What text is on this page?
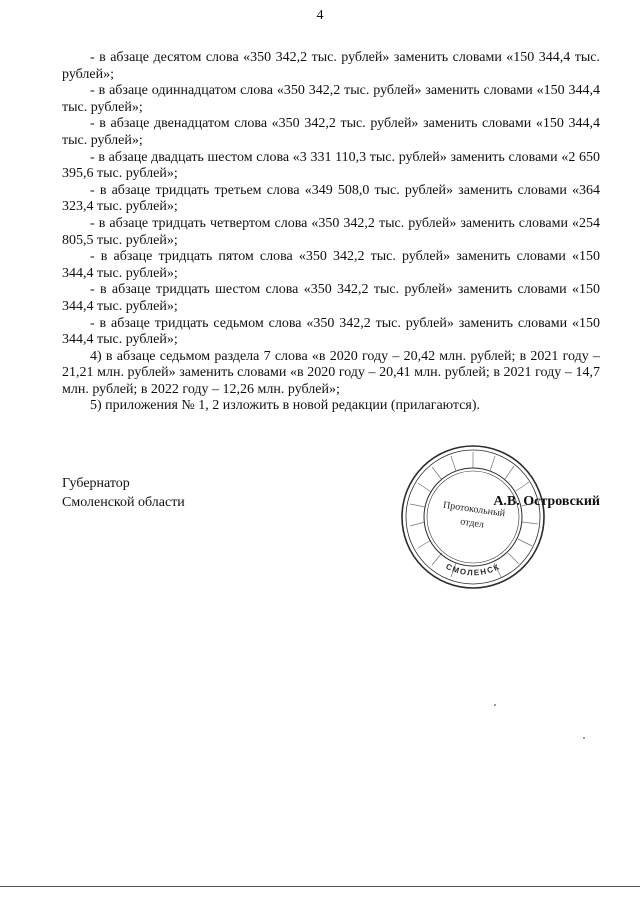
4

- в абзаце десятом слова «350 342,2 тыс. рублей» заменить словами «150 344,4 тыс. рублей»;

- в абзаце одиннадцатом слова «350 342,2 тыс. рублей» заменить словами «150 344,4 тыс. рублей»;

- в абзаце двенадцатом слова «350 342,2 тыс. рублей» заменить словами «150 344,4 тыс. рублей»;

- в абзаце двадцать шестом слова «3 331 110,3 тыс. рублей» заменить словами «2 650 395,6 тыс. рублей»;

- в абзаце тридцать третьем слова «349 508,0 тыс. рублей» заменить словами «364 323,4 тыс. рублей»;

- в абзаце тридцать четвертом слова «350 342,2 тыс. рублей» заменить словами «254 805,5 тыс. рублей»;

- в абзаце тридцать пятом слова «350 342,2 тыс. рублей» заменить словами «150 344,4 тыс. рублей»;

- в абзаце тридцать шестом слова «350 342,2 тыс. рублей» заменить словами «150 344,4 тыс. рублей»;

- в абзаце тридцать седьмом слова «350 342,2 тыс. рублей» заменить словами «150 344,4 тыс. рублей»;

4) в абзаце седьмом раздела 7 слова «в 2020 году – 20,42 млн. рублей; в 2021 году – 21,21 млн. рублей» заменить словами «в 2020 году – 20,41 млн. рублей; в 2021 году – 14,7 млн. рублей; в 2022 году – 12,26 млн. рублей»;

5) приложения № 1, 2 изложить в новой редакции (прилагаются).

Губернатор
Смоленской области
СМОЛЕНСК
Протокольный
отдел
А.В. Островский
